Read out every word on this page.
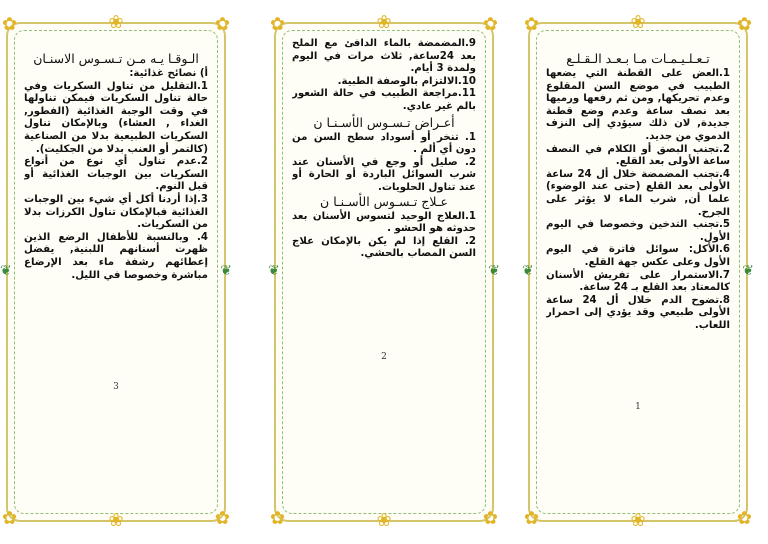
✿	✿
✿	✿
❀
❀
❦	❦
الـوقـا يـه مـن تـسـوس الاسنـان

أ) نصائح غذائية:

1.التقليل من تناول السكريات وفي حالة تناول السكريات فيمكن تناولها في وقت الوجبة الغذائية (الفطور, الغداء , العشاء) وبالإمكان تناول السكريات الطبيعية بدلا من الصناعية (كالتمر أو العنب بدلا من الجكليت).

2.عدم تناول أي نوع من أنواع السكريات بين الوجبات الغذائية أو قبل النوم.

3.إذا أردنا أكل أي شيء بين الوجبات الغذائية فبالإمكان تناول الكرزات بدلا من السكريات.

4. وبالنسبة للأطفال الرضع الذين ظهرت أسنانهم اللبنية, يفضل إعطائهم رشفة ماء بعد الإرضاع مباشرة وخصوصا في الليل.

3
✿	✿
✿	✿
❀
❀
❦	❦

9.المضمضة بالماء الدافئ مع الملح بعد 24ساعة, ثلاث مرات في اليوم ولمدة 3 أيام.

10.الالتزام بالوصفة الطبية.

11.مراجعة الطبيب في حالة الشعور بالم غير عادي.

أعـراض تـسـوس الأسـنـا ن

1. تنخر أو أسوداد سطح السن من دون أي ألم .

2. صليل أو وجع في الأسنان عند شرب السوائل الباردة أو الحارة أو عند تناول الحلويات.

عـلاج تـسـوس الأسـنـا ن

1.العلاج الوحيد لتسوس الأسنان بعد حدوثه هو الحشو .

2. القلع إذا لم يكن بالإمكان علاج السن المصاب بالحشي.

2
✿	✿
✿	✿
❀
❀
❦	❦
تـعـلـيـمـات مـا بـعـد الـقـلـع

1.العض على القطنة التي يضعها الطبيب في موضع السن المقلوع وعدم تحريكها, ومن ثم رفعها ورميها بعد نصف ساعة وعدم وضع قطنة جديدة, لان ذلك سيؤدي إلى النزف الدموي من جديد.

2.تجنب البصق أو الكلام في النصف ساعة الأولى بعد القلع.

4.تجنب المضمضة خلال أل 24 ساعة الأولى بعد القلع (حتى عند الوضوء) علما أن, شرب الماء لا يؤثر على الجرح.

5.تجنب التدخين وخصوصا في اليوم الأول.

6.الأكل: سوائل فاترة في اليوم الأول وعلى عكس جهة القلع.

7.الاستمرار على تفريش الأسنان كالمعتاد بعد القلع بـ 24 ساعة.

8.تضوح الدم خلال أل 24 ساعة الأولى طبيعي وقد يؤدي إلى احمرار اللعاب.

1
